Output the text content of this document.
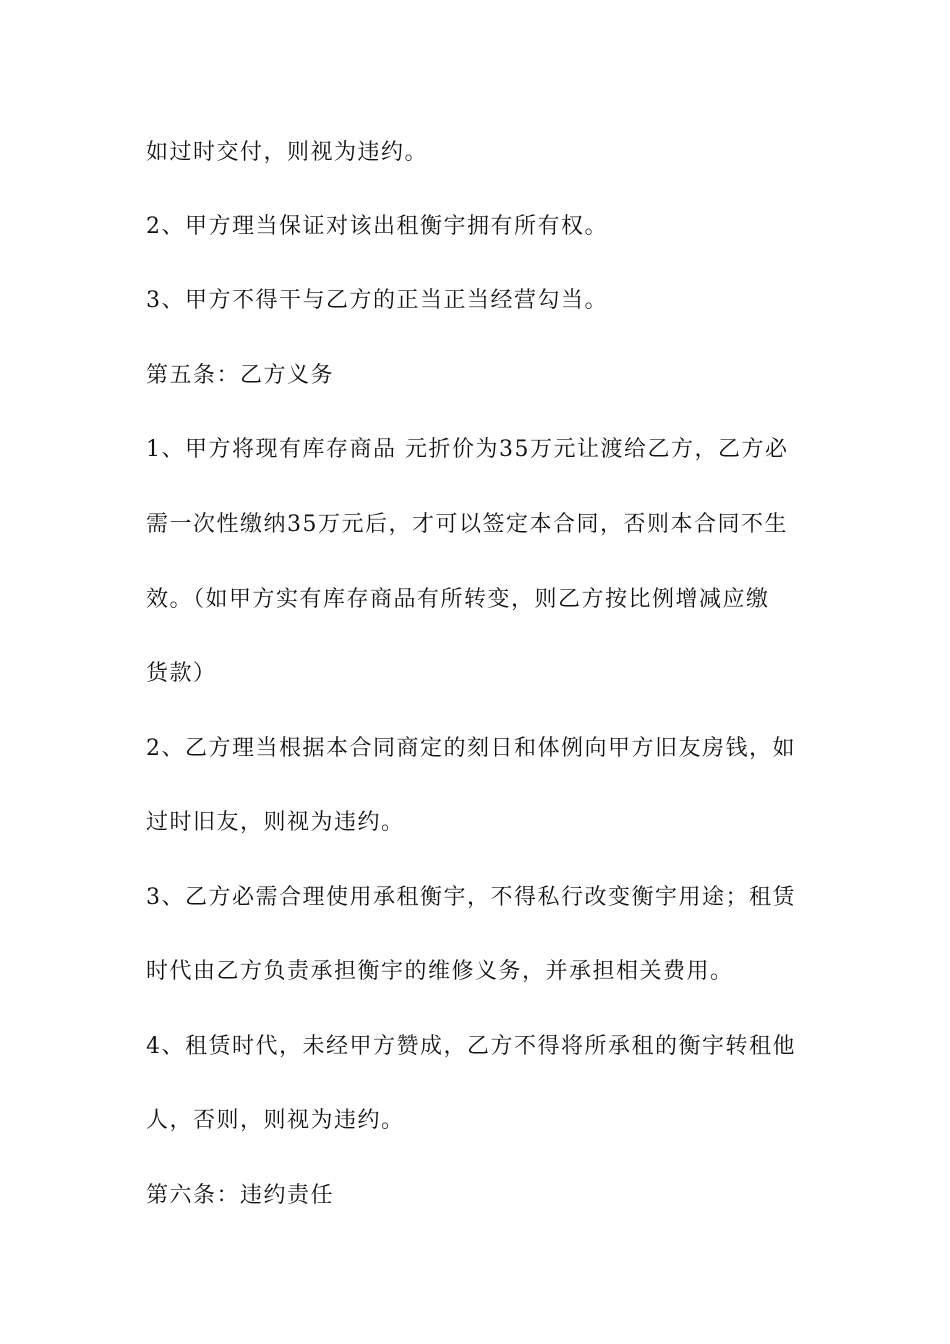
如过时交付，则视为违约。
2、甲方理当保证对该出租衡宇拥有所有权。
3、甲方不得干与乙方的正当正当经营勾当。
第五条：乙方义务
1、甲方将现有库存商品 元折价为35万元让渡给乙方，乙方必
需一次性缴纳35万元后，才可以签定本合同，否则本合同不生
效。（如甲方实有库存商品有所转变，则乙方按比例增减应缴
货款）
2、乙方理当根据本合同商定的刻日和体例向甲方旧友房钱，如
过时旧友，则视为违约。
3、乙方必需合理使用承租衡宇，不得私行改变衡宇用途；租赁
时代由乙方负责承担衡宇的维修义务，并承担相关费用。
4、租赁时代，未经甲方赞成，乙方不得将所承租的衡宇转租他
人，否则，则视为违约。
第六条：违约责任
